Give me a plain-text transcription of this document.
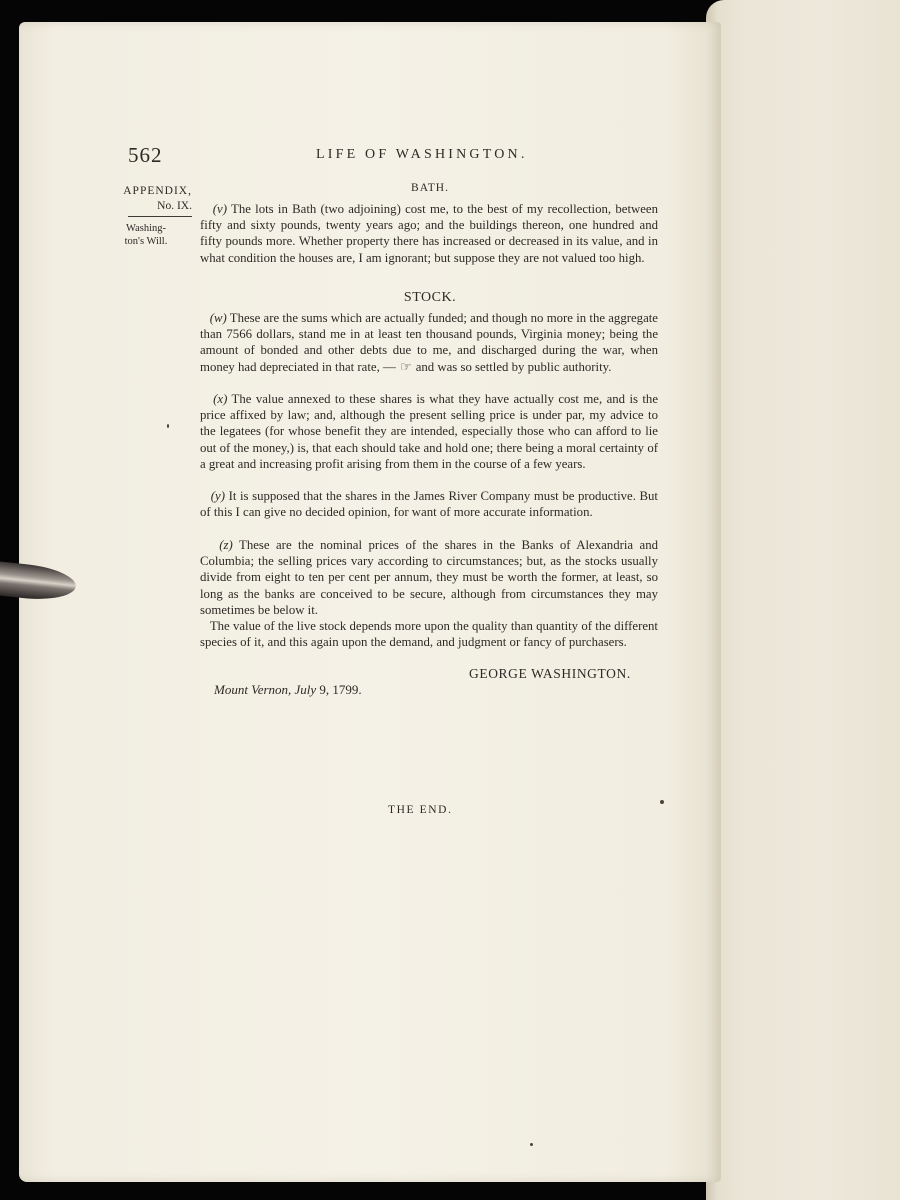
562	LIFE OF WASHINGTON.
APPENDIX,
No. IX.
Washing-
ton's Will.
BATH.
(v) The lots in Bath (two adjoining) cost me, to the best of my recollection, between fifty and sixty pounds, twenty years ago; and the buildings thereon, one hundred and fifty pounds more. Whether property there has increased or decreased in its value, and in what condition the houses are, I am ignorant; but suppose they are not valued too high.
STOCK.
(w) These are the sums which are actually funded; and though no more in the aggregate than 7566 dollars, stand me in at least ten thousand pounds, Virginia money; being the amount of bonded and other debts due to me, and discharged during the war, when money had depreciated in that rate, — ☞ and was so settled by public authority.
(x) The value annexed to these shares is what they have actually cost me, and is the price affixed by law; and, although the present selling price is under par, my advice to the legatees (for whose benefit they are intended, especially those who can afford to lie out of the money,) is, that each should take and hold one; there being a moral certainty of a great and increasing profit arising from them in the course of a few years.
(y) It is supposed that the shares in the James River Company must be productive. But of this I can give no decided opinion, for want of more accurate information.
(z) These are the nominal prices of the shares in the Banks of Alexandria and Columbia; the selling prices vary according to circumstances; but, as the stocks usually divide from eight to ten per cent per annum, they must be worth the former, at least, so long as the banks are conceived to be secure, although from circumstances they may sometimes be below it.
The value of the live stock depends more upon the quality than quantity of the different species of it, and this again upon the demand, and judgment or fancy of purchasers.
GEORGE WASHINGTON.
Mount Vernon, July 9, 1799.
THE END.
